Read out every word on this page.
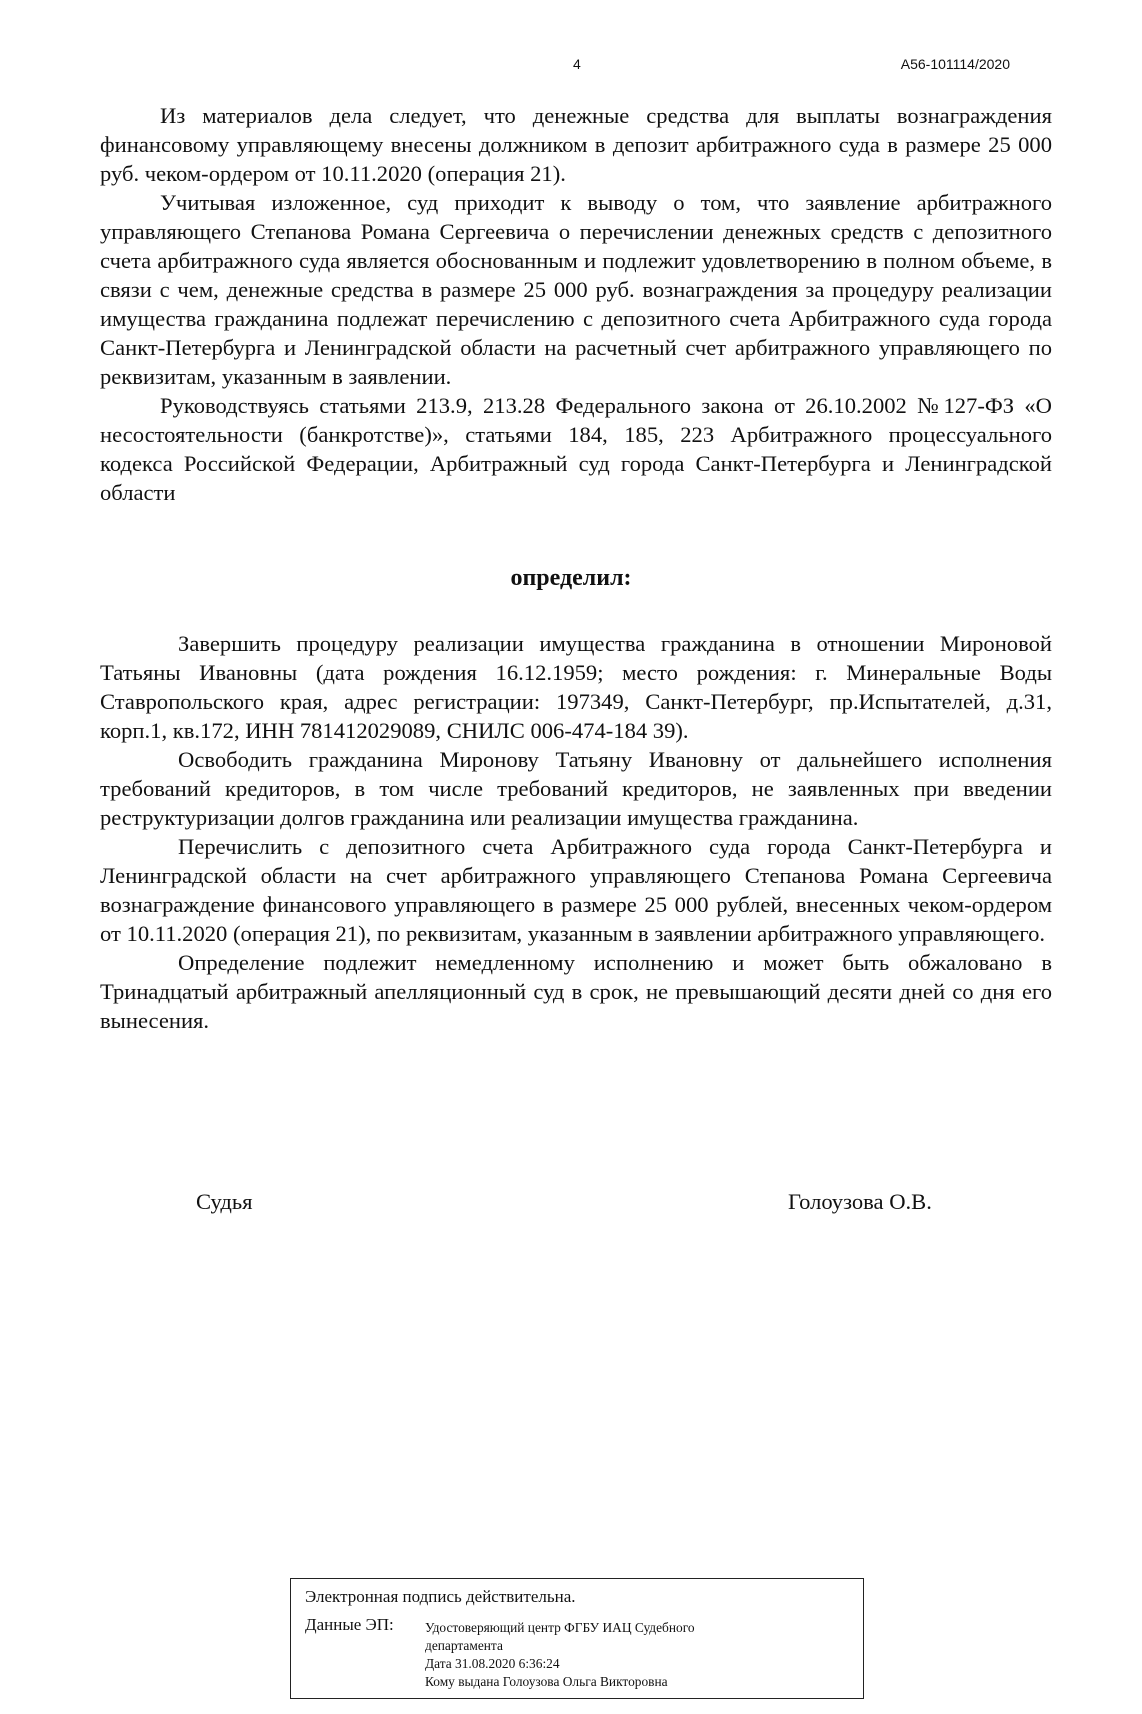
4	А56-101114/2020

Из материалов дела следует, что денежные средства для выплаты вознаграждения финансовому управляющему внесены должником в депозит арбитражного суда в размере 25 000 руб. чеком-ордером от 10.11.2020 (операция 21).

Учитывая изложенное, суд приходит к выводу о том, что заявление арбитражного управляющего Степанова Романа Сергеевича о перечислении денежных средств с депозитного счета арбитражного суда является обоснованным и подлежит удовлетворению в полном объеме, в связи с чем, денежные средства в размере 25 000 руб. вознаграждения за процедуру реализации имущества гражданина подлежат перечислению с депозитного счета Арбитражного суда города Санкт-Петербурга и Ленинградской области на расчетный счет арбитражного управляющего по реквизитам, указанным в заявлении.

Руководствуясь статьями 213.9, 213.28 Федерального закона от 26.10.2002 №127-ФЗ «О несостоятельности (банкротстве)», статьями 184, 185, 223 Арбитражного процессуального кодекса Российской Федерации, Арбитражный суд города Санкт-Петербурга и Ленинградской области

определил:

Завершить процедуру реализации имущества гражданина в отношении Мироновой Татьяны Ивановны (дата рождения 16.12.1959; место рождения: г. Минеральные Воды Ставропольского края, адрес регистрации: 197349, Санкт-Петербург, пр.Испытателей, д.31, корп.1, кв.172, ИНН 781412029089, СНИЛС 006-474-184 39).

Освободить гражданина Миронову Татьяну Ивановну от дальнейшего исполнения требований кредиторов, в том числе требований кредиторов, не заявленных при введении реструктуризации долгов гражданина или реализации имущества гражданина.

Перечислить с депозитного счета Арбитражного суда города Санкт-Петербурга и Ленинградской области на счет арбитражного управляющего Степанова Романа Сергеевича вознаграждение финансового управляющего в размере 25 000 рублей, внесенных чеком-ордером от 10.11.2020 (операция 21), по реквизитам, указанным в заявлении арбитражного управляющего.

Определение подлежит немедленному исполнению и может быть обжаловано в Тринадцатый арбитражный апелляционный суд в срок, не превышающий десяти дней со дня его вынесения.

Судья	Голоузова О.В.
Электронная подпись действительна.
Данные ЭП: Удостоверяющий центр ФГБУ ИАЦ Судебного
департамента
Дата 31.08.2020 6:36:24
Кому выдана Голоузова Ольга Викторовна
